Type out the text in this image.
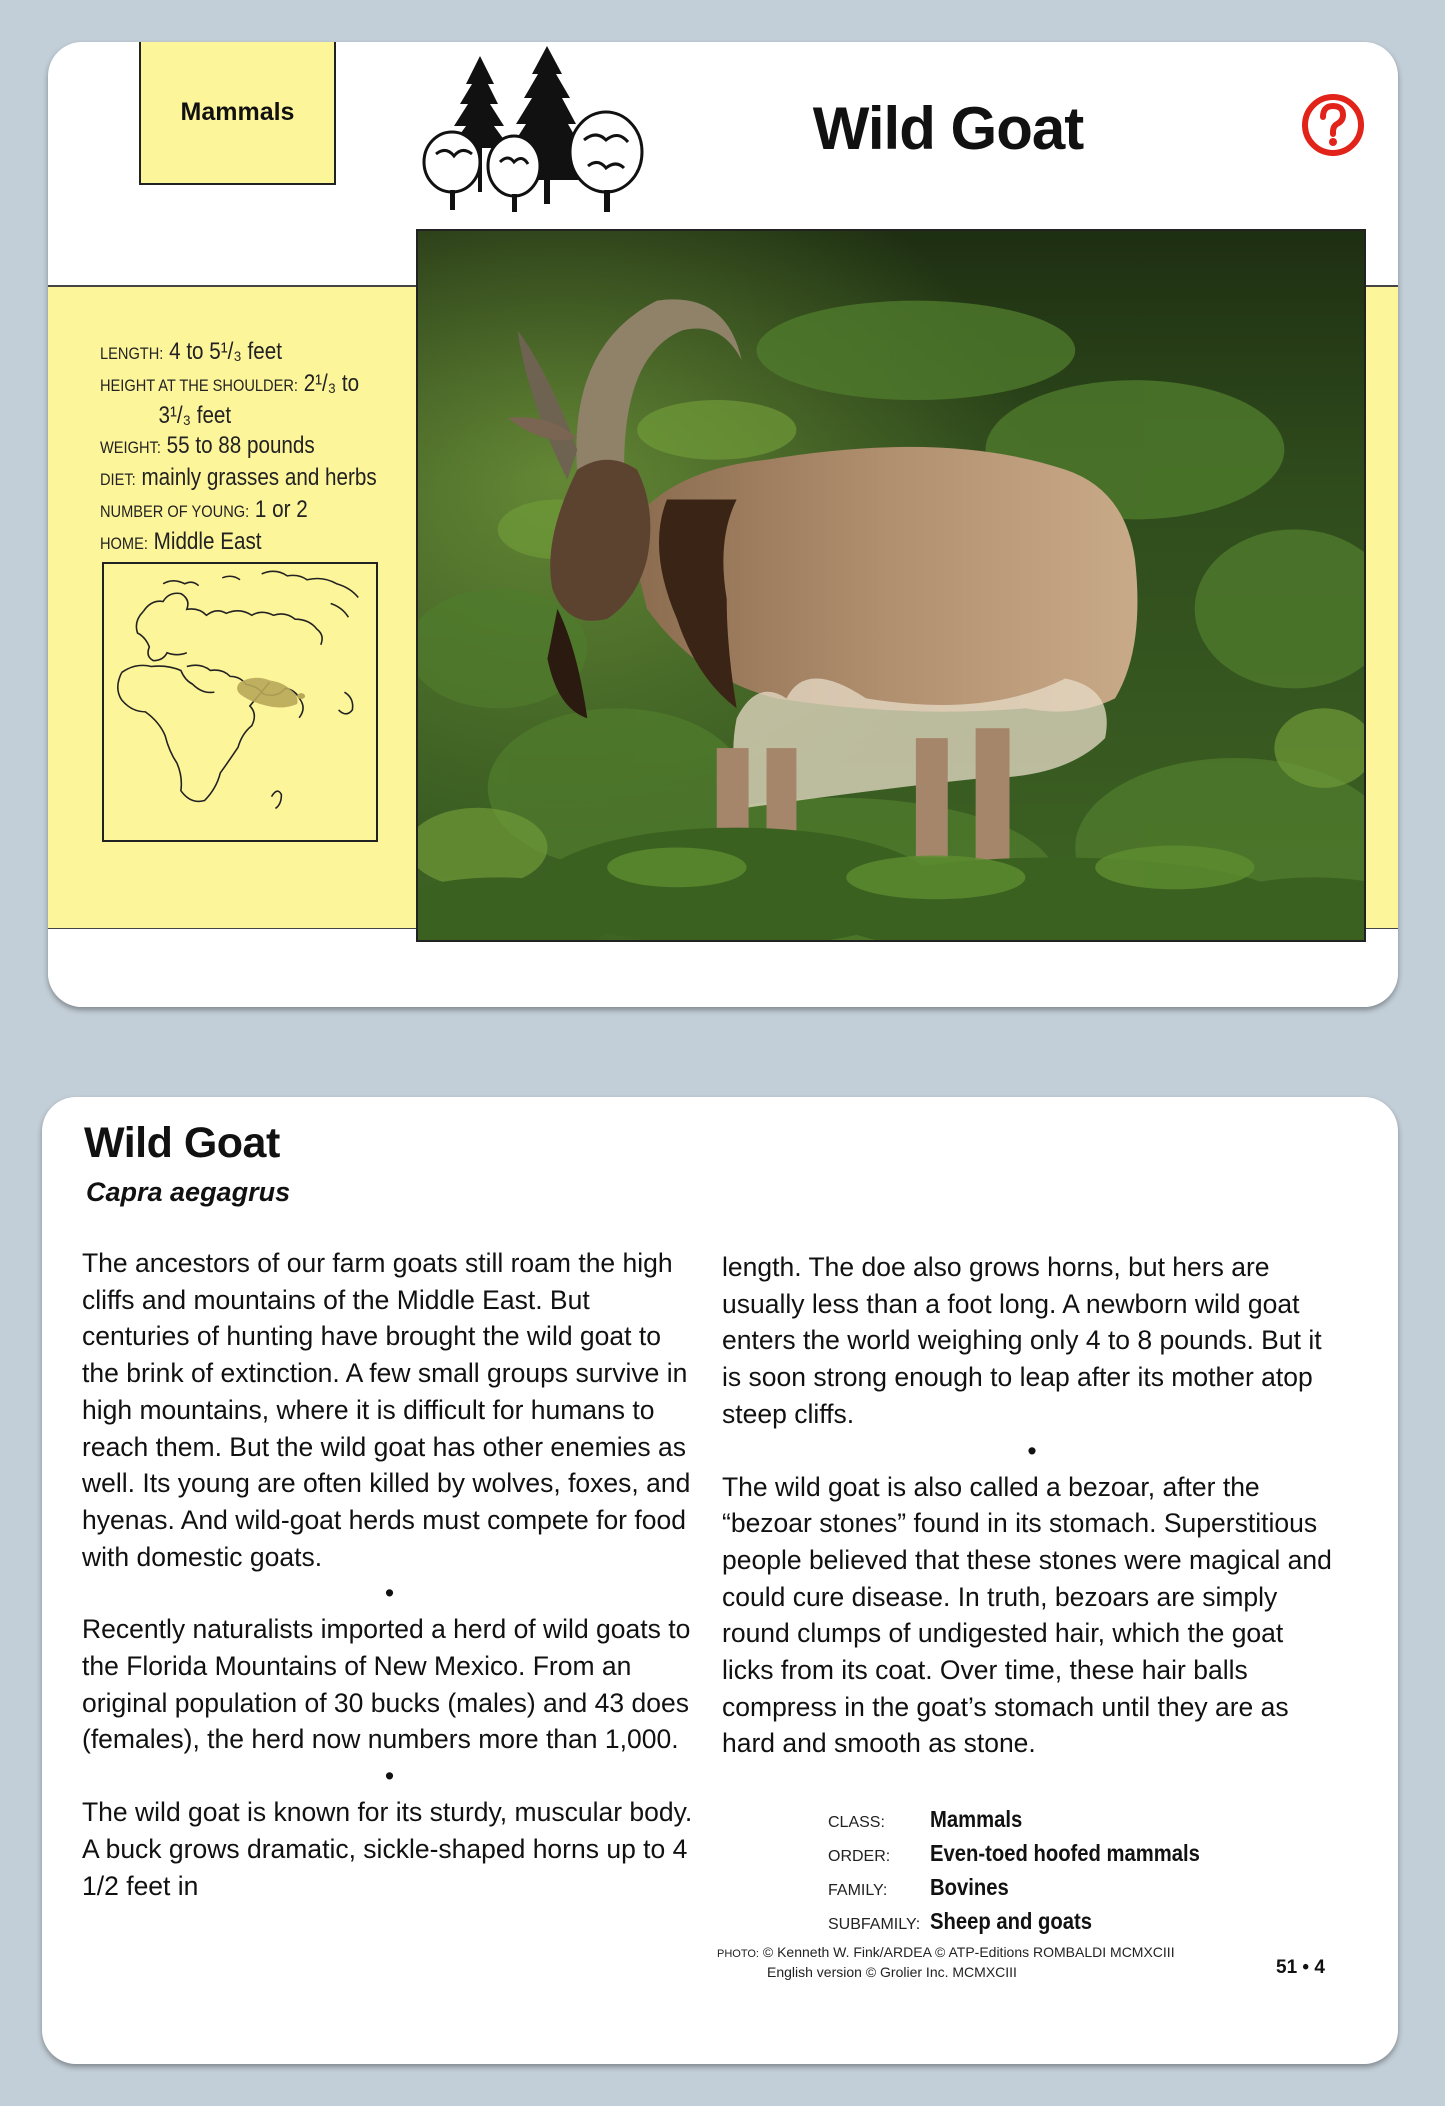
Mammals	Wild Goat
LENGTH: 4 to 5¹/₃ feet
HEIGHT AT THE SHOULDER: 2¹/₃ to
3¹/₃ feet
WEIGHT: 55 to 88 pounds
DIET: mainly grasses and herbs
NUMBER OF YOUNG: 1 or 2
HOME: Middle East
Wild Goat
Capra aegagrus

The ancestors of our farm goats still roam the high cliffs and mountains of the Middle East. But centuries of hunting have brought the wild goat to the brink of extinction. A few small groups survive in high mountains, where it is difficult for humans to reach them. But the wild goat has other enemies as well. Its young are often killed by wolves, foxes, and hyenas. And wild-goat herds must compete for food with domestic goats.

•

Recently naturalists imported a herd of wild goats to the Florida Mountains of New Mexico. From an original population of 30 bucks (males) and 43 does (females), the herd now numbers more than 1,000.

•

The wild goat is known for its sturdy, muscular body. A buck grows dramatic, sickle-shaped horns up to 4 1/2 feet in

length. The doe also grows horns, but hers are usually less than a foot long. A newborn wild goat enters the world weighing only 4 to 8 pounds. But it is soon strong enough to leap after its mother atop steep cliffs.

•

The wild goat is also called a bezoar, after the “bezoar stones” found in its stomach. Superstitious people believed that these stones were magical and could cure disease. In truth, bezoars are simply round clumps of undigested hair, which the goat licks from its coat. Over time, these hair balls compress in the goat’s stomach until they are as hard and smooth as stone.

CLASS:	Mammals
ORDER:	Even-toed hoofed mammals
FAMILY:	Bovines
SUBFAMILY: Sheep and goats
PHOTO: © Kenneth W. Fink/ARDEA © ATP-Editions ROMBALDI MCMXCIII
English version © Grolier Inc. MCMXCIII	51 • 4
